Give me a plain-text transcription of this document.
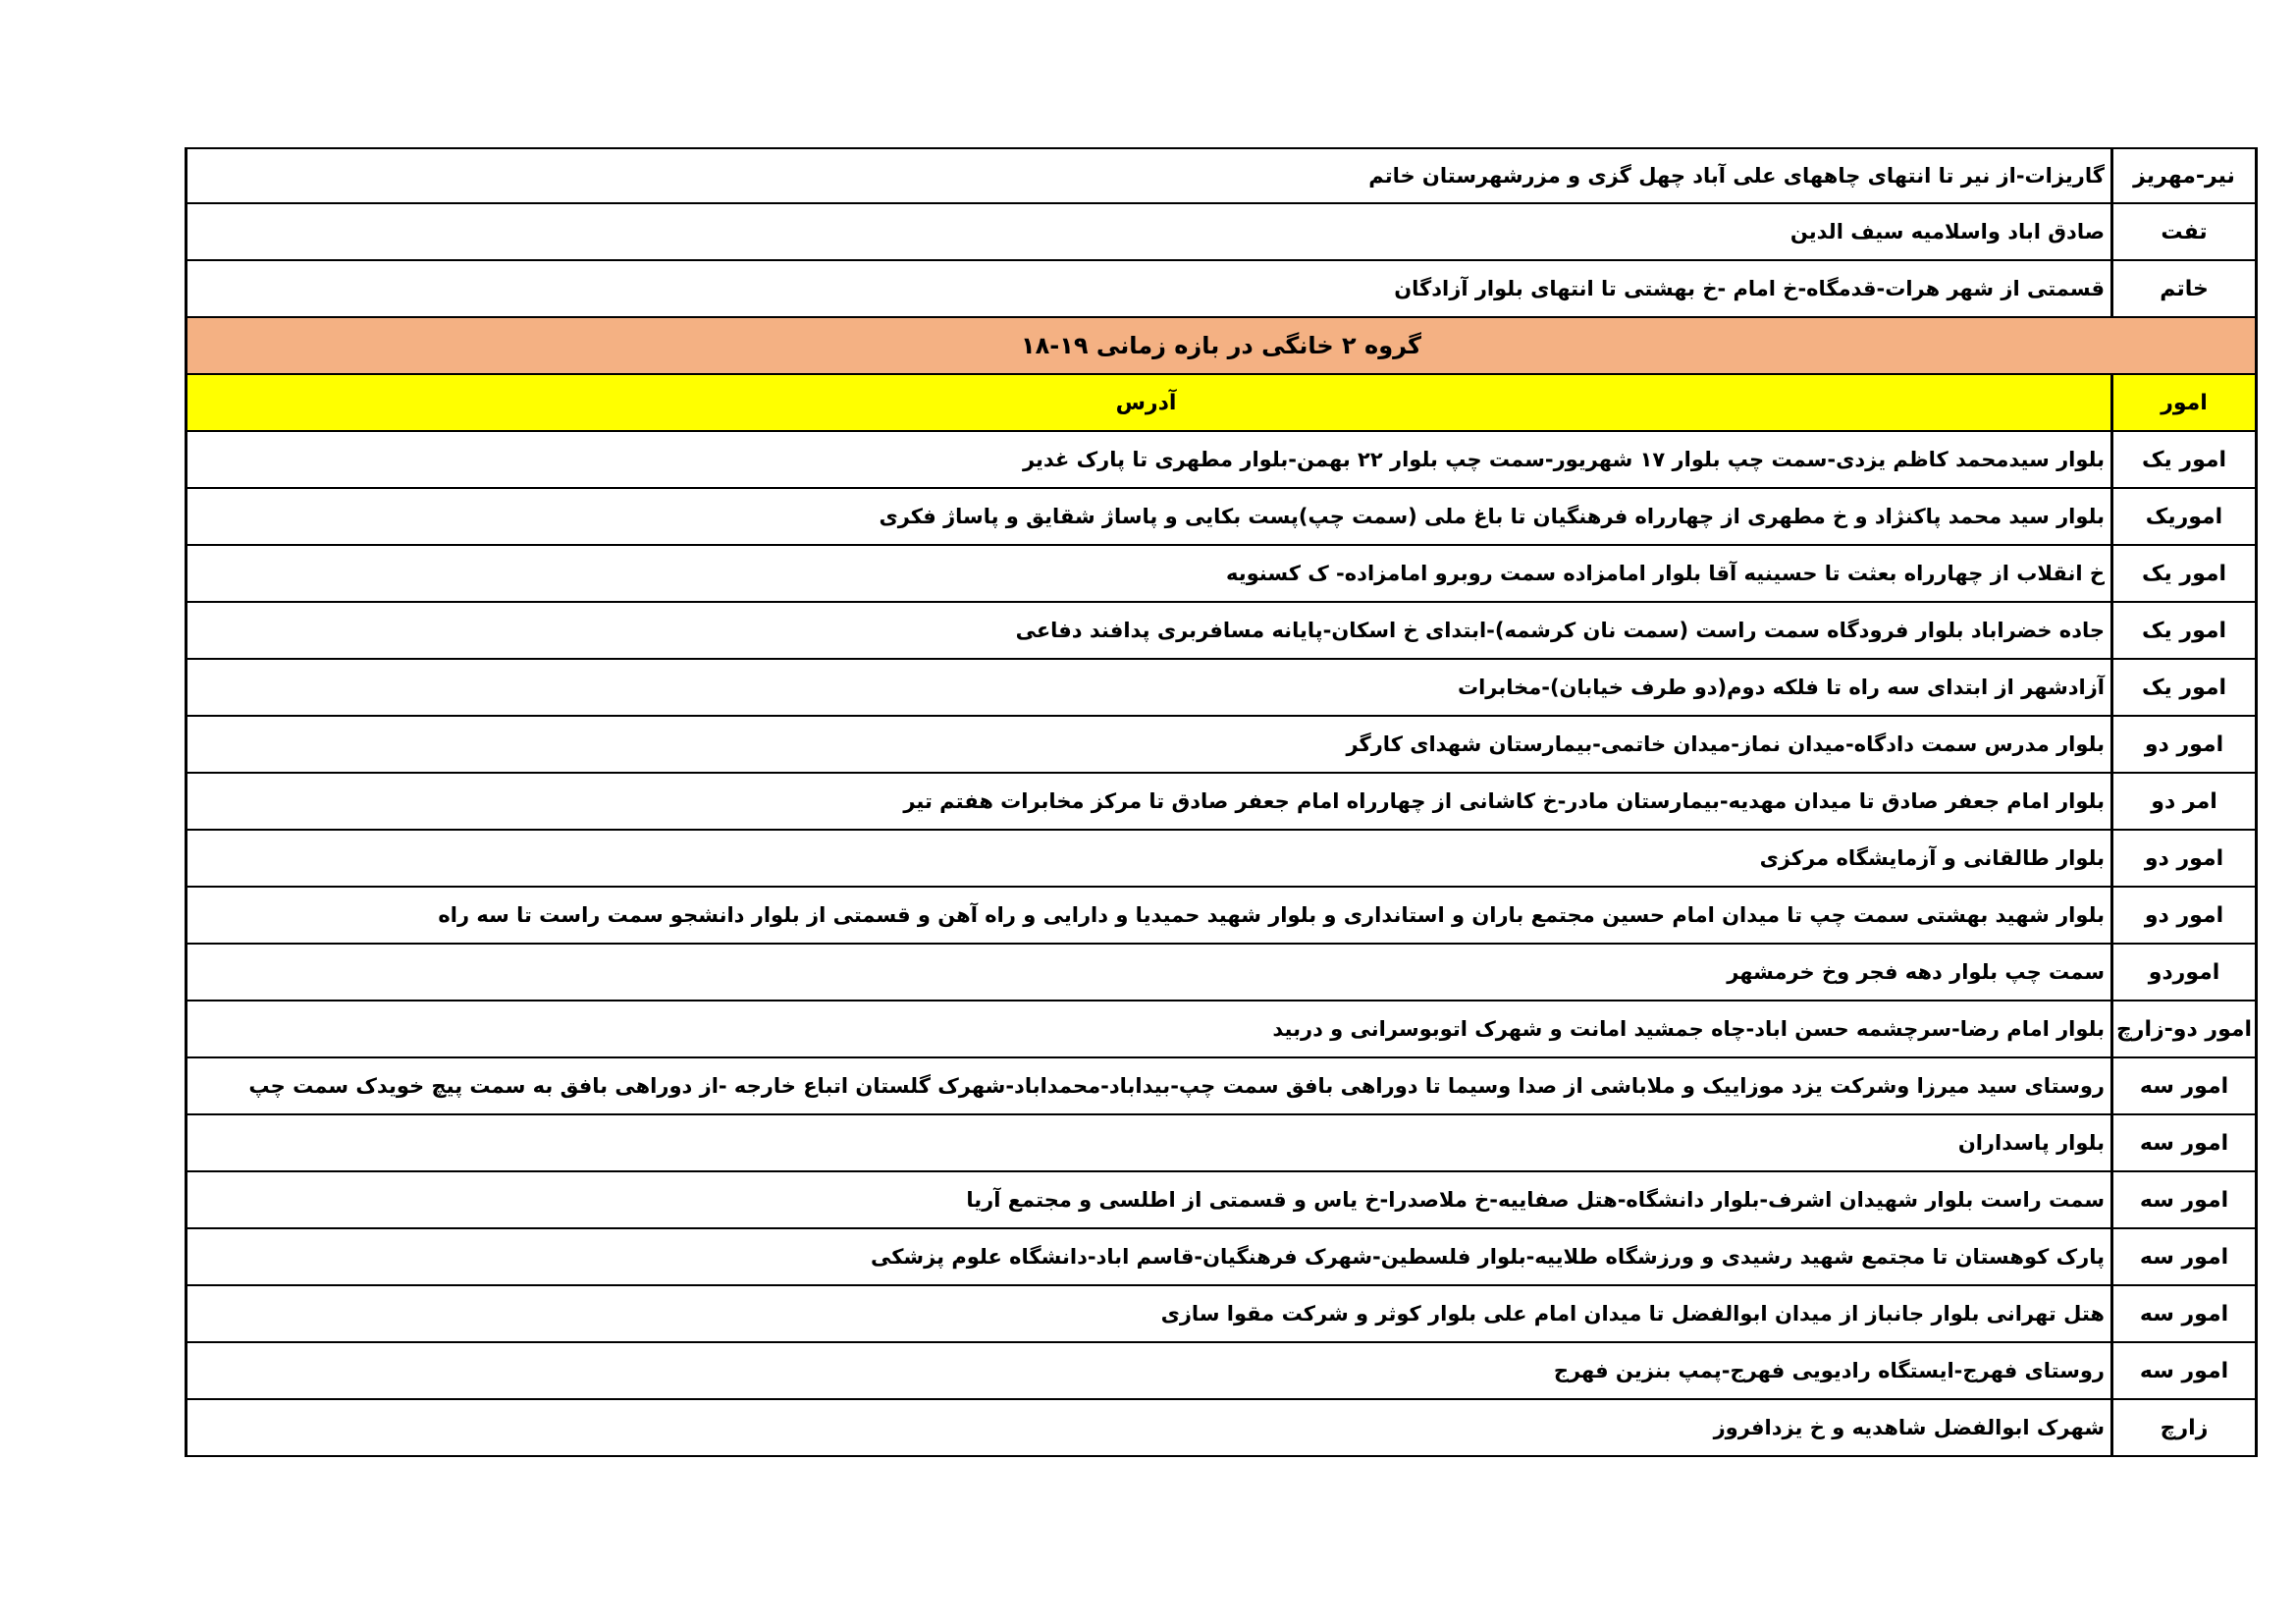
نیر-مهریز
گاریزات-از نیر تا انتهای چاههای علی آباد چهل گزی و مزرشهرستان خاتم
تفت
صادق اباد واسلامیه سیف الدین
خاتم
قسمتی از شهر هرات-قدمگاه-خ امام -خ بهشتی تا انتهای بلوار آزادگان
گروه ۲ خانگی در بازه زمانی ۱۹-۱۸
امور
آدرس
امور یک
بلوار سیدمحمد کاظم یزدی-سمت چپ بلوار ۱۷ شهریور-سمت چپ بلوار ۲۲ بهمن-بلوار مطهری تا پارک غدیر
اموریک
بلوار سید محمد پاکنژاد و خ مطهری از چهارراه فرهنگیان تا باغ ملی (سمت چپ)پست بکایی و پاساژ شقایق و پاساژ فکری
امور یک
خ انقلاب از چهارراه بعثت تا حسینیه آقا بلوار امامزاده سمت روبرو امامزاده- ک کسنویه
امور یک
جاده خضراباد بلوار فرودگاه سمت راست (سمت نان کرشمه)-ابتدای خ اسکان-پایانه مسافربری پدافند دفاعی
امور یک
آزادشهر از ابتدای سه راه تا فلکه دوم(دو طرف خیابان)-مخابرات
امور دو
بلوار مدرس سمت دادگاه-میدان نماز-میدان خاتمی-بیمارستان شهدای کارگر
امر دو
بلوار امام جعفر صادق تا میدان مهدیه-بیمارستان مادر-خ کاشانی از چهارراه امام جعفر صادق تا مرکز مخابرات هفتم تیر
امور دو
بلوار طالقانی و آزمایشگاه مرکزی
امور دو
بلوار شهید بهشتی سمت چپ تا میدان امام حسین مجتمع باران و استانداری و بلوار شهید حمیدیا و دارایی و راه آهن و قسمتی از بلوار دانشجو سمت راست تا سه راه
اموردو
سمت چپ بلوار دهه فجر وخ خرمشهر
امور دو-زارچ
بلوار امام رضا-سرچشمه حسن اباد-چاه جمشید امانت و شهرک اتوبوسرانی و دربید
امور سه
روستای سید میرزا وشرکت یزد موزاییک و ملاباشی از صدا وسیما تا دوراهی بافق سمت چپ-بیداباد-محمداباد-شهرک گلستان اتباع خارجه -از دوراهی بافق به سمت پیچ خویدک سمت چپ
امور سه
بلوار پاسداران
امور سه
سمت راست بلوار شهیدان اشرف-بلوار دانشگاه-هتل صفاییه-خ ملاصدرا-خ یاس و قسمتی از اطلسی و مجتمع آریا
امور سه
پارک کوهستان تا مجتمع شهید رشیدی و ورزشگاه طلاییه-بلوار فلسطین-شهرک فرهنگیان-قاسم اباد-دانشگاه علوم پزشکی
امور سه
هتل تهرانی بلوار جانباز از میدان ابوالفضل تا میدان امام علی بلوار کوثر و شرکت مقوا سازی
امور سه
روستای فهرج-ایستگاه رادیویی فهرج-پمپ بنزین فهرج
زارچ
شهرک ابوالفضل شاهدیه و خ یزدافروز
